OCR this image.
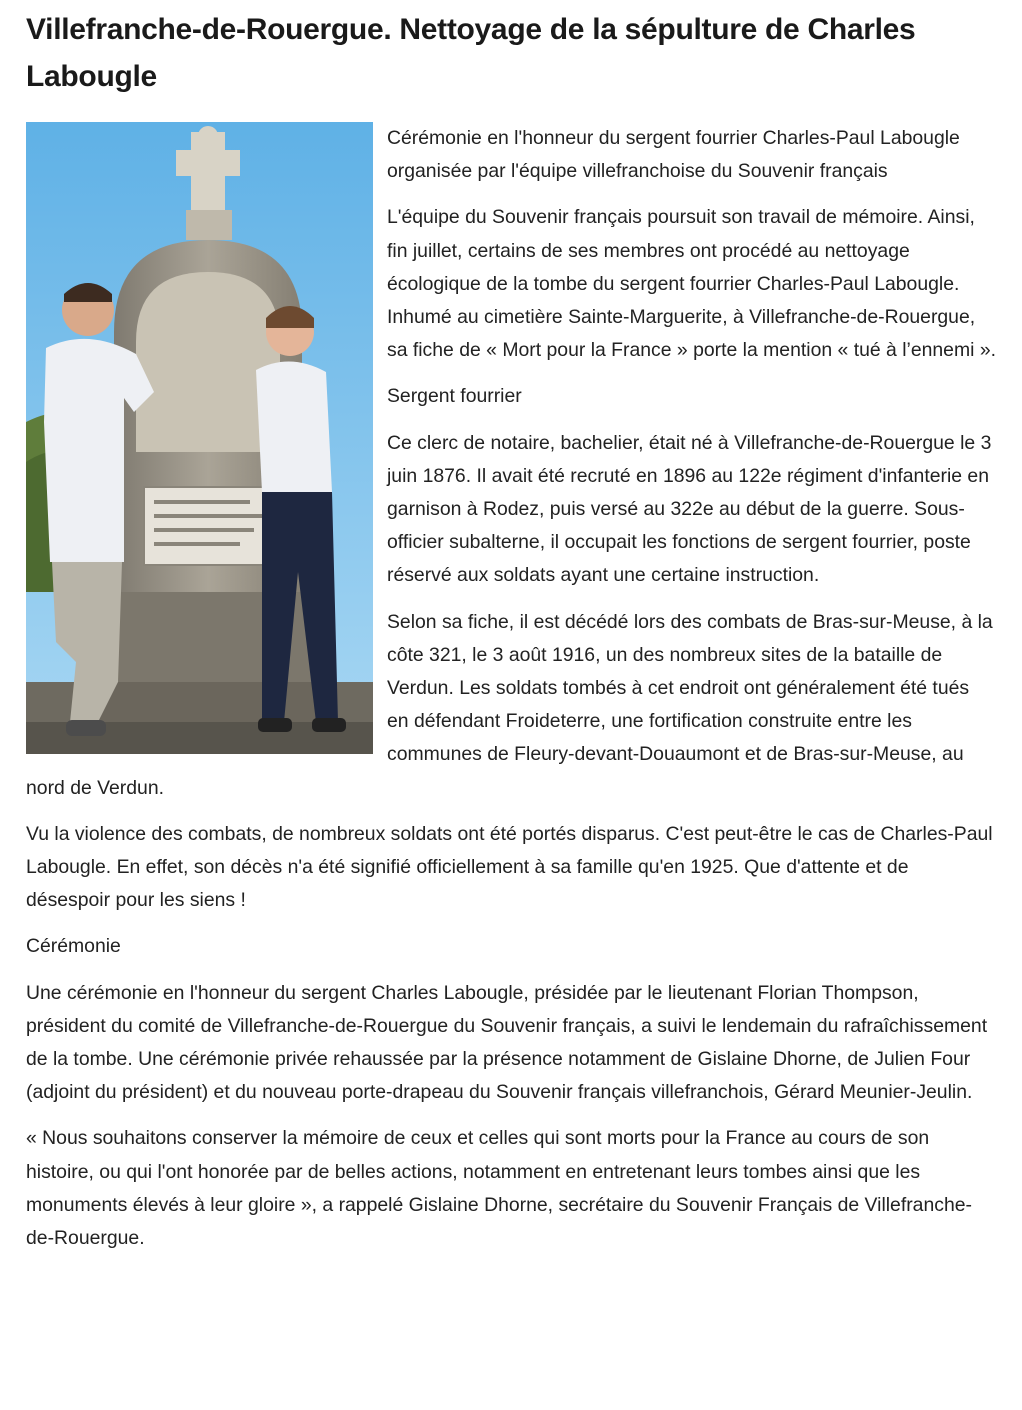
Villefranche-de-Rouergue. Nettoyage de la sépulture de Charles Labougle

Cérémonie en l'honneur du sergent fourrier Charles-Paul Labougle organisée par l'équipe villefranchoise du Souvenir français

L'équipe du Souvenir français poursuit son travail de mémoire. Ainsi, fin juillet, certains de ses membres ont procédé au nettoyage écologique de la tombe du sergent fourrier Charles-Paul Labougle. Inhumé au cimetière Sainte-Marguerite, à Villefranche-de-Rouergue, sa fiche de « Mort pour la France » porte la mention « tué à l’ennemi ».

Sergent fourrier

Ce clerc de notaire, bachelier, était né à Villefranche-de-Rouergue le 3 juin 1876. Il avait été recruté en 1896 au 122e régiment d'infanterie en garnison à Rodez, puis versé au 322e au début de la guerre. Sous-officier subalterne, il occupait les fonctions de sergent fourrier, poste réservé aux soldats ayant une certaine instruction.

Selon sa fiche, il est décédé lors des combats de Bras-sur-Meuse, à la côte 321, le 3 août 1916, un des nombreux sites de la bataille de Verdun. Les soldats tombés à cet endroit ont généralement été tués en défendant Froideterre, une fortification construite entre les communes de Fleury-devant-Douaumont et de Bras-sur-Meuse, au nord de Verdun.

Vu la violence des combats, de nombreux soldats ont été portés disparus. C'est peut-être le cas de Charles-Paul Labougle. En effet, son décès n'a été signifié officiellement à sa famille qu'en 1925. Que d'attente et de désespoir pour les siens !

Cérémonie

Une cérémonie en l'honneur du sergent Charles Labougle, présidée par le lieutenant Florian Thompson, président du comité de Villefranche-de-Rouergue du Souvenir français, a suivi le lendemain du rafraîchissement de la tombe. Une cérémonie privée rehaussée par la présence notamment de Gislaine Dhorne, de Julien Four (adjoint du président) et du nouveau porte-drapeau du Souvenir français villefranchois, Gérard Meunier-Jeulin.

« Nous souhaitons conserver la mémoire de ceux et celles qui sont morts pour la France au cours de son histoire, ou qui l'ont honorée par de belles actions, notamment en entretenant leurs tombes ainsi que les monuments élevés à leur gloire », a rappelé Gislaine Dhorne, secrétaire du Souvenir Français de Villefranche-de-Rouergue.
